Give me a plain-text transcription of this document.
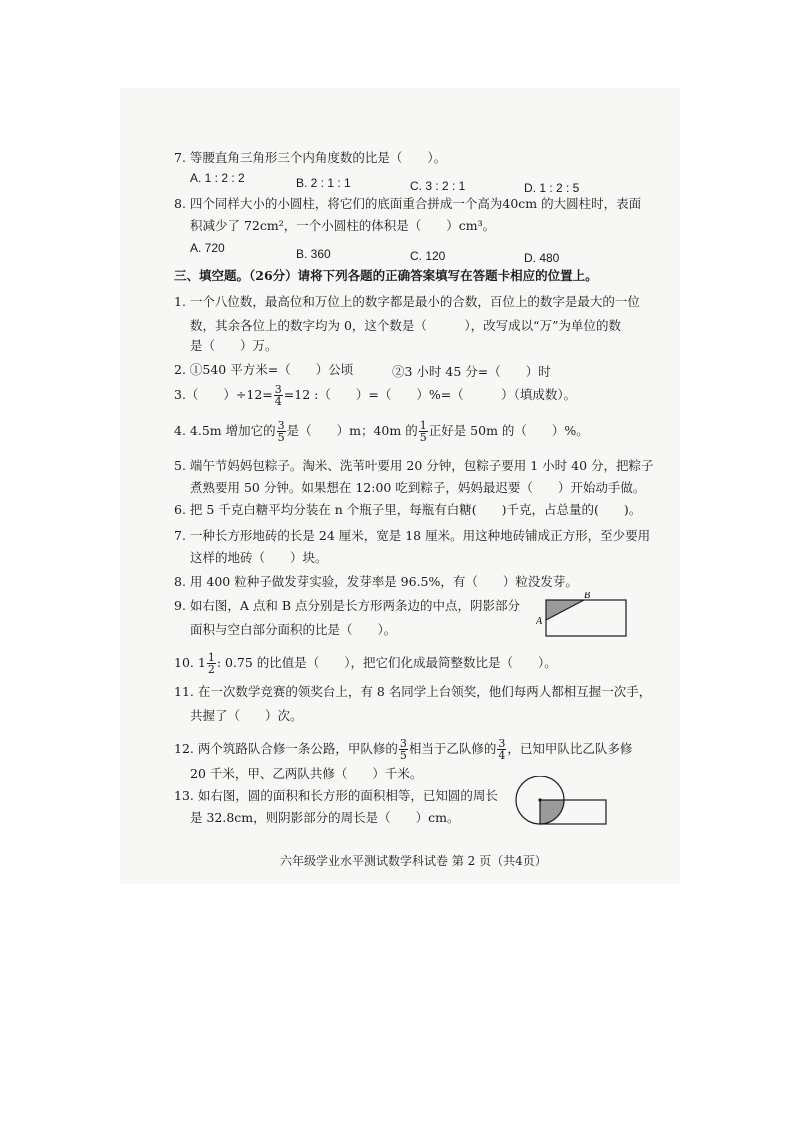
7. 等腰直角三角形三个内角度数的比是（　　）。
A. 1 : 2 : 2	B. 2 : 1 : 1	C. 3 : 2 : 1	D. 1 : 2 : 5
8. 四个同样大小的小圆柱，将它们的底面重合拼成一个高为40cm 的大圆柱时，表面
积减少了 72cm²，一个小圆柱的体积是（　　）cm³。
A. 720	B. 360	C. 120	D. 480
三、填空题。（26分）请将下列各题的正确答案填写在答题卡相应的位置上。
1. 一个八位数，最高位和万位上的数字都是最小的合数，百位上的数字是最大的一位
数，其余各位上的数字均为 0，这个数是（　　　），改写成以“万”为单位的数
是（　　）万。
2. ①540 平方米=（　　）公顷	②3 小时 45 分=（　　）时
3.（　　）$\div 12= \frac{3}{4} =12$ :（　　）=（　　）%=（　　　）（填成数）。
4. 4.5m 增加它的 $\frac{3}{5}$ 是（　　）m；40m 的 $\frac{1}{5}$ 正好是 50m 的（　　）%。
5. 端午节妈妈包粽子。淘米、洗苇叶要用 20 分钟，包粽子要用 1 小时 40 分，把粽子
煮熟要用 50 分钟。如果想在 12:00 吃到粽子，妈妈最迟要（　　）开始动手做。
6. 把 5 千克白糖平均分装在 n 个瓶子里，每瓶有白糖(　　)千克，占总量的(　　)。
7. 一种长方形地砖的长是 24 厘米，宽是 18 厘米。用这种地砖铺成正方形，至少要用
这样的地砖（　　）块。
8. 用 400 粒种子做发芽实验，发芽率是 96.5%，有（　　）粒没发芽。
9. 如右图，A 点和 B 点分别是长方形两条边的中点，阴影部分
面积与空白部分面积的比是（　　）。
A
B
10. $1 \frac{1}{2}$ : 0.75 的比值是（　　），把它们化成最简整数比是（　　）。
11. 在一次数学竞赛的领奖台上，有 8 名同学上台领奖，他们每两人都相互握一次手，
共握了（　　）次。
12. 两个筑路队合修一条公路，甲队修的 $\frac{3}{5}$ 相当于乙队修的 $\frac{3}{4}$ ，已知甲队比乙队多修
20 千米，甲、乙两队共修（　　）千米。
13. 如右图，圆的面积和长方形的面积相等，已知圆的周长
是 32.8cm，则阴影部分的周长是（　　）cm。
六年级学业水平测试数学科试卷 第 2 页（共4页）
